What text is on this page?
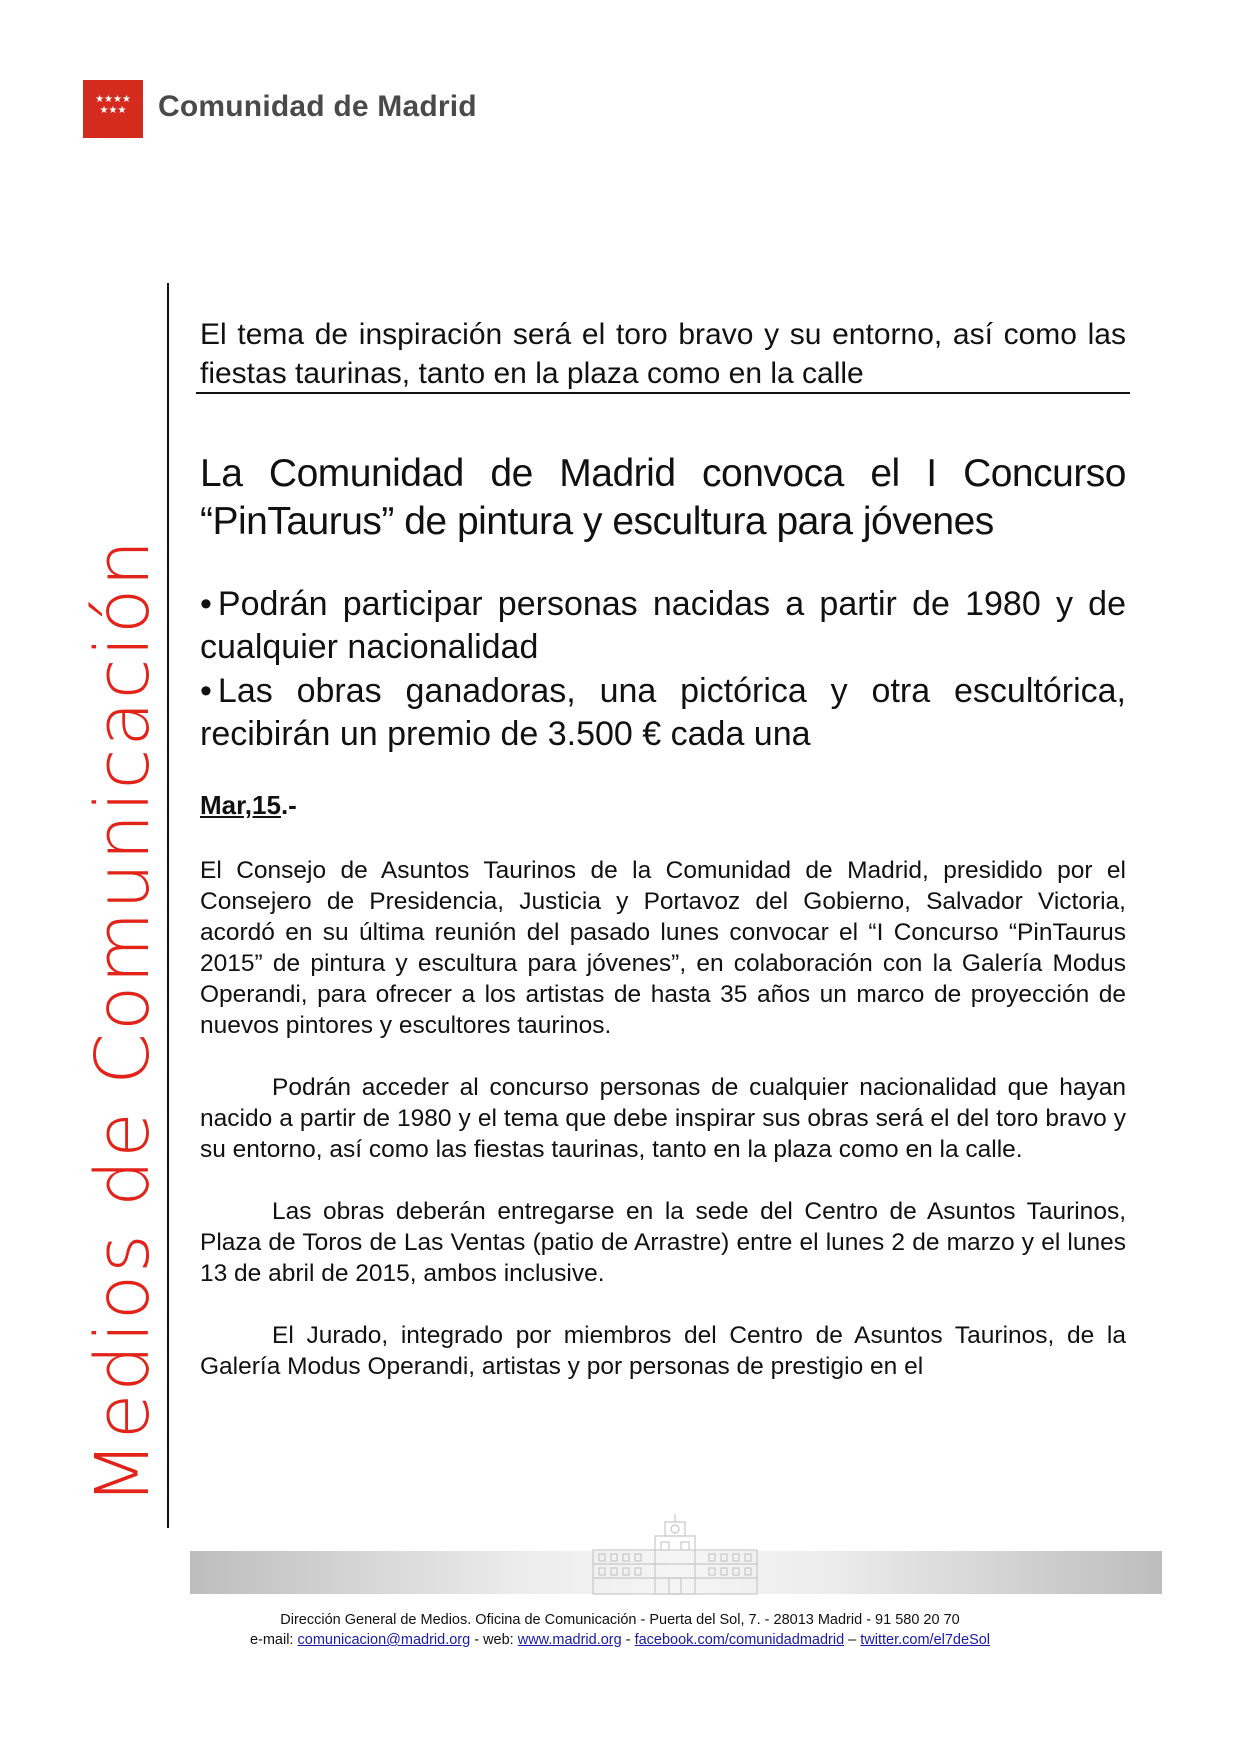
★★★★
★★★	Comunidad de Madrid
Medios de Comunicación
El tema de inspiración será el toro bravo y su entorno, así como las fiestas taurinas, tanto en la plaza como en la calle
La Comunidad de Madrid convoca el I Concurso “PinTaurus” de pintura y escultura para jóvenes
• Podrán participar personas nacidas a partir de 1980 y de cualquier nacionalidad
• Las obras ganadoras, una pictórica y otra escultórica, recibirán un premio de 3.500 € cada una
Mar,15.-

El Consejo de Asuntos Taurinos de la Comunidad de Madrid, presidido por el Consejero de Presidencia, Justicia y Portavoz del Gobierno, Salvador Victoria, acordó en su última reunión del pasado lunes convocar el “I Concurso “PinTaurus 2015” de pintura y escultura para jóvenes”, en colaboración con la Galería Modus Operandi, para ofrecer a los artistas de hasta 35 años un marco de proyección de nuevos pintores y escultores taurinos.

Podrán acceder al concurso personas de cualquier nacionalidad que hayan nacido a partir de 1980 y el tema que debe inspirar sus obras será el del toro bravo y su entorno, así como las fiestas taurinas, tanto en la plaza como en la calle.

Las obras deberán entregarse en la sede del Centro de Asuntos Taurinos, Plaza de Toros de Las Ventas (patio de Arrastre) entre el lunes 2 de marzo y el lunes 13 de abril de 2015, ambos inclusive.

El Jurado, integrado por miembros del Centro de Asuntos Taurinos, de la Galería Modus Operandi, artistas y por personas de prestigio en el

Dirección General de Medios. Oficina de Comunicación - Puerta del Sol, 7. - 28013 Madrid - 91 580 20 70
e-mail: comunicacion@madrid.org - web: www.madrid.org - facebook.com/comunidadmadrid – twitter.com/el7deSol
